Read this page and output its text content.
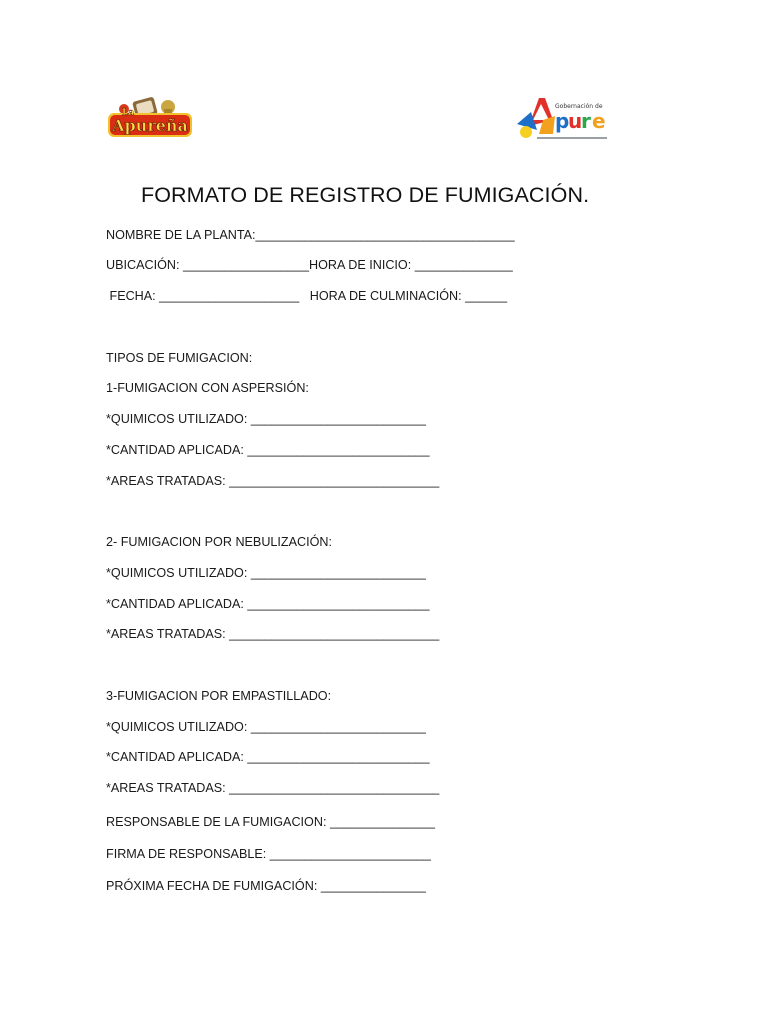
Apureña
La
Gobernación de
p
u
r e
FORMATO DE REGISTRO DE FUMIGACIÓN.
NOMBRE DE LA PLANTA:_____________________________________
UBICACIÓN: __________________HORA DE INICIO: ______________
FECHA: ____________________   HORA DE CULMINACIÓN: ______
TIPOS DE FUMIGACION:
1-FUMIGACION CON ASPERSIÓN:
*QUIMICOS UTILIZADO: _________________________
*CANTIDAD APLICADA: __________________________
*AREAS TRATADAS: ______________________________
2- FUMIGACION POR NEBULIZACIÓN:
*QUIMICOS UTILIZADO: _________________________
*CANTIDAD APLICADA: __________________________
*AREAS TRATADAS: ______________________________
3-FUMIGACION POR EMPASTILLADO:
*QUIMICOS UTILIZADO: _________________________
*CANTIDAD APLICADA: __________________________
*AREAS TRATADAS: ______________________________
RESPONSABLE DE LA FUMIGACION: _______________
FIRMA DE RESPONSABLE: _______________________
PRÓXIMA FECHA DE FUMIGACIÓN: _______________
